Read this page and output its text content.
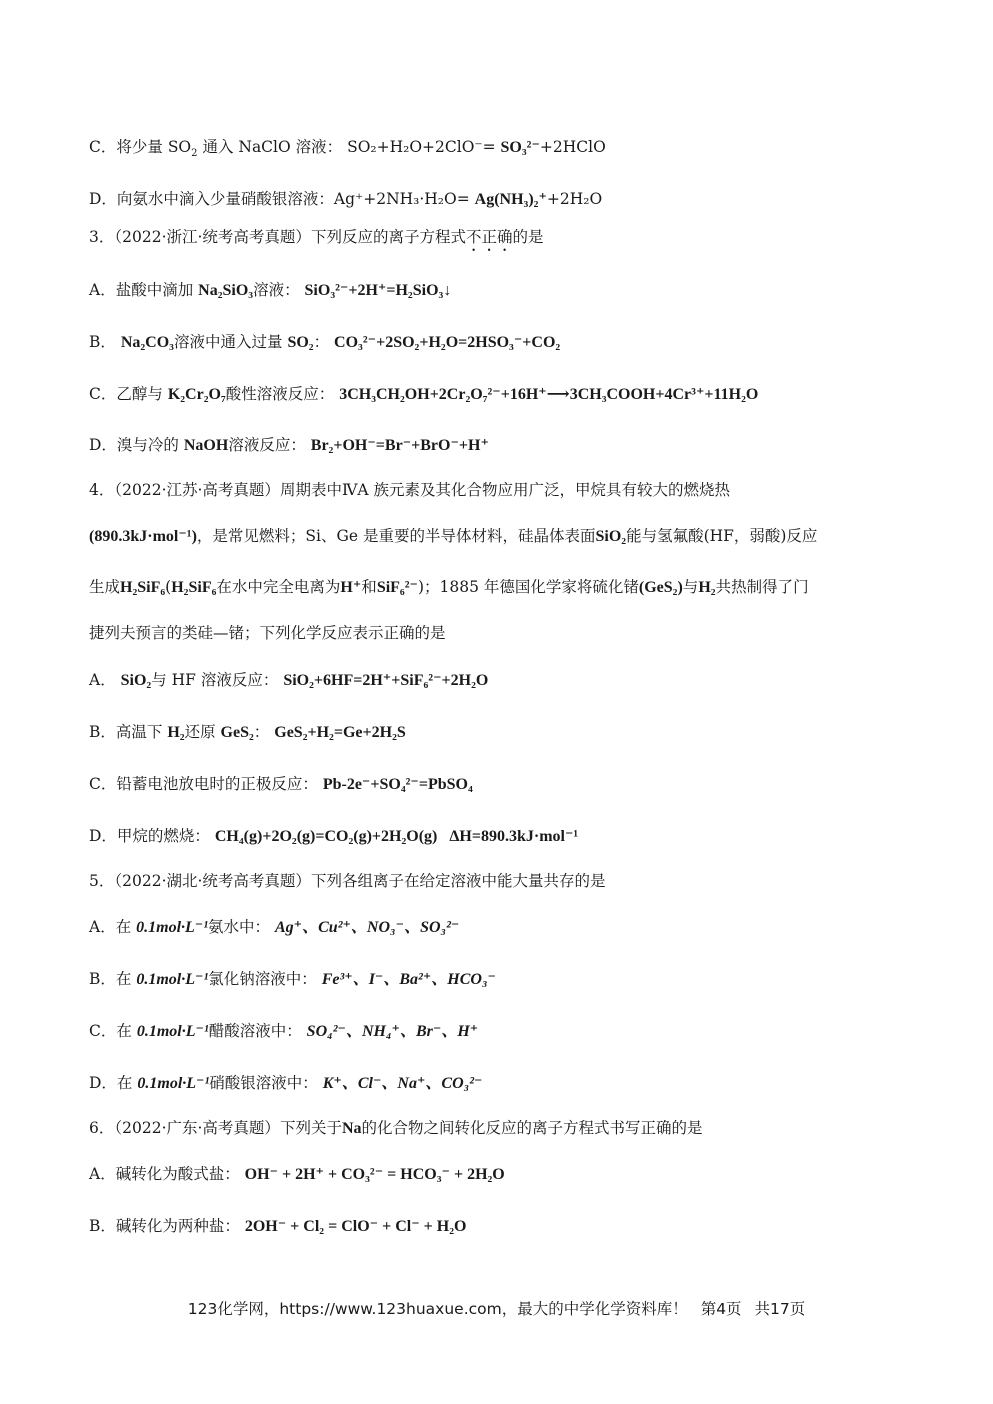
C．将少量 $SO_2$ 通入 NaClO 溶液： SO₂+H₂O+2ClO⁻= SO₃²⁻+2HClO
D．向氨水中滴入少量硝酸银溶液：Ag⁺+2NH₃·H₂O= Ag(NH₃)₂⁺+2H₂O
3．（2022·浙江·统考高考真题）下列反应的离子方程式不正确的是
A．盐酸中滴加 Na₂SiO₃溶液： SiO₃²⁻+2H⁺=H₂SiO₃↓
B． Na₂CO₃溶液中通入过量 SO₂： CO₃²⁻+2SO₂+H₂O=2HSO₃⁻+CO₂
C．乙醇与 K₂Cr₂O₇酸性溶液反应： 3CH₃CH₂OH+2Cr₂O₇²⁻+16H⁺⟶3CH₃COOH+4Cr³⁺+11H₂O
D．溴与冷的 NaOH溶液反应： Br₂+OH⁻=Br⁻+BrO⁻+H⁺
4．（2022·江苏·高考真题）周期表中ⅣA 族元素及其化合物应用广泛，甲烷具有较大的燃烧热
(890.3kJ·mol⁻¹)，是常见燃料；Si、Ge 是重要的半导体材料，硅晶体表面SiO₂能与氢氟酸(HF，弱酸)反应
生成H₂SiF₆(H₂SiF₆在水中完全电离为H⁺和SiF₆²⁻)；1885 年德国化学家将硫化锗(GeS₂)与H₂共热制得了门
捷列夫预言的类硅—锗；下列化学反应表示正确的是
A． SiO₂与 HF 溶液反应： SiO₂+6HF=2H⁺+SiF₆²⁻+2H₂O
B．高温下 H₂还原 GeS₂： GeS₂+H₂=Ge+2H₂S
C．铅蓄电池放电时的正极反应： Pb-2e⁻+SO₄²⁻=PbSO₄
D．甲烷的燃烧： CH₄(g)+2O₂(g)=CO₂(g)+2H₂O(g)   ΔH=890.3kJ·mol⁻¹
5．（2022·湖北·统考高考真题）下列各组离子在给定溶液中能大量共存的是
A．在 0.1mol·L⁻¹氨水中： Ag⁺、Cu²⁺、NO₃⁻、SO₃²⁻
B．在 0.1mol·L⁻¹氯化钠溶液中： Fe³⁺、I⁻、Ba²⁺、HCO₃⁻
C．在 0.1mol·L⁻¹醋酸溶液中： SO₄²⁻、NH₄⁺、Br⁻、H⁺
D．在 0.1mol·L⁻¹硝酸银溶液中： K⁺、Cl⁻、Na⁺、CO₃²⁻
6．（2022·广东·高考真题）下列关于Na的化合物之间转化反应的离子方程式书写正确的是
A．碱转化为酸式盐： OH⁻ + 2H⁺ + CO₃²⁻ = HCO₃⁻ + 2H₂O
B．碱转化为两种盐： 2OH⁻ + Cl₂ = ClO⁻ + Cl⁻ + H₂O
123化学网，https://www.123huaxue.com，最大的中学化学资料库！ 第4页 共17页
